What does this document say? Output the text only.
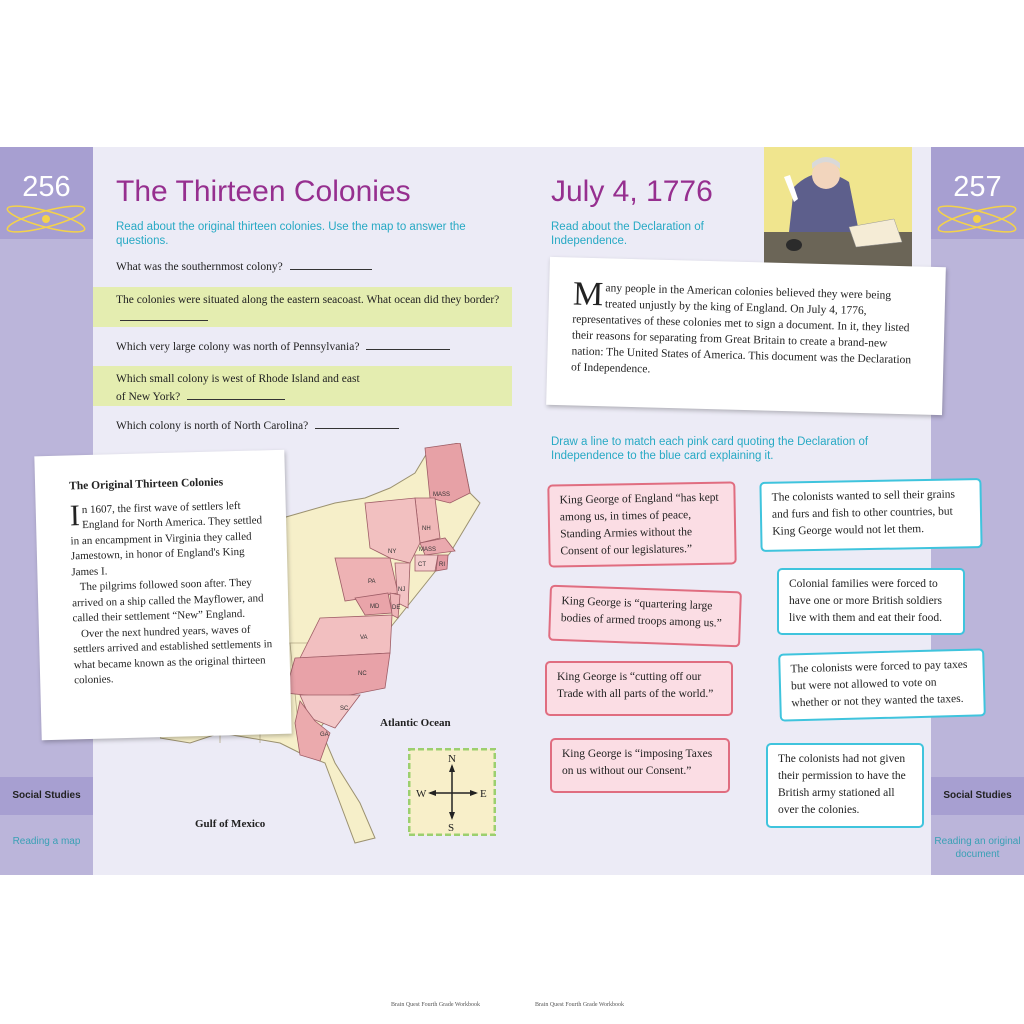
256
Social Studies
Reading a map
257
Social Studies
Reading an original document
The Thirteen Colonies
Read about the original thirteen colonies. Use the map to answer the questions.
What was the southernmost colony?
The colonies were situated along the eastern seacoast. What ocean did they border?
Which very large colony was north of Pennsylvania?
Which small colony is west of Rhode Island and east of New York?
Which colony is north of North Carolina?
MASS
NH
NY	MASS
CT RI
PA
NJ
MD DE
VA
NC
SC
GA
Atlantic Ocean
Gulf of Mexico
N
S
E
W
The Original Thirteen Colonies
In 1607, the first wave of settlers left England for North America. They settled in an encampment in Virginia they called Jamestown, in honor of England's King James I.
The pilgrims followed soon after. They arrived on a ship called the Mayflower, and called their settlement “New” England.
Over the next hundred years, waves of settlers arrived and established settlements in what became known as the original thirteen colonies.
Brain Quest Fourth Grade Workbook
July 4, 1776
Read about the Declaration of Independence.
Many people in the American colonies believed they were being treated unjustly by the king of England. On July 4, 1776, representatives of these colonies met to sign a document. In it, they listed their reasons for separating from Great Britain to create a brand-new nation: The United States of America. This document was the Declaration of Independence.
Draw a line to match each pink card quoting the Declaration of Independence to the blue card explaining it.
King George of England “has kept among us, in times of peace, Standing Armies without the Consent of our legislatures.”
King George is “quartering large bodies of armed troops among us.”
King George is “cutting off our Trade with all parts of the world.”
King George is “imposing Taxes on us without our Consent.”
The colonists wanted to sell their grains and furs and fish to other countries, but King George would not let them.
Colonial families were forced to have one or more British soldiers live with them and eat their food.
The colonists were forced to pay taxes but were not allowed to vote on whether or not they wanted the taxes.
The colonists had not given their permission to have the British army stationed all over the colonies.
Brain Quest Fourth Grade Workbook
